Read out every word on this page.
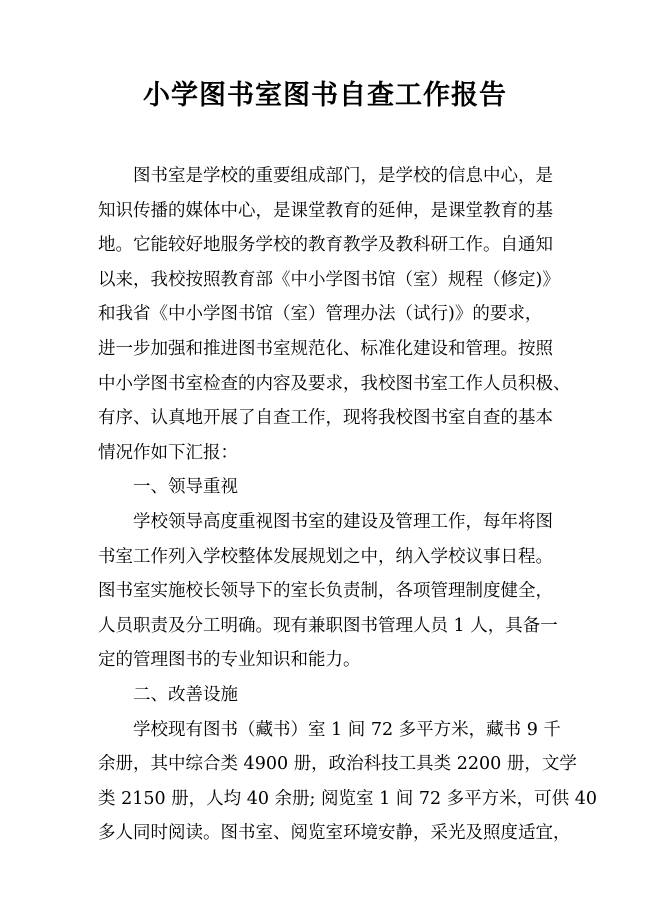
小学图书室图书自查工作报告
图书室是学校的重要组成部门，是学校的信息中心，是
知识传播的媒体中心，是课堂教育的延伸，是课堂教育的基
地。它能较好地服务学校的教育教学及教科研工作。自通知
以来，我校按照教育部《中小学图书馆（室）规程（修定)》
和我省《中小学图书馆（室）管理办法（试行)》的要求，
进一步加强和推进图书室规范化、标准化建设和管理。按照
中小学图书室检查的内容及要求，我校图书室工作人员积极、
有序、认真地开展了自查工作，现将我校图书室自查的基本
情况作如下汇报：
一、领导重视
学校领导高度重视图书室的建设及管理工作，每年将图
书室工作列入学校整体发展规划之中，纳入学校议事日程。
图书室实施校长领导下的室长负责制，各项管理制度健全，
人员职责及分工明确。现有兼职图书管理人员 1 人，具备一
定的管理图书的专业知识和能力。
二、改善设施
学校现有图书（藏书）室 1 间 72 多平方米，藏书 9 千
余册，其中综合类 4900 册，政治科技工具类 2200 册，文学
类 2150 册，人均 40 余册; 阅览室 1 间 72 多平方米，可供 40
多人同时阅读。图书室、阅览室环境安静，采光及照度适宜，
